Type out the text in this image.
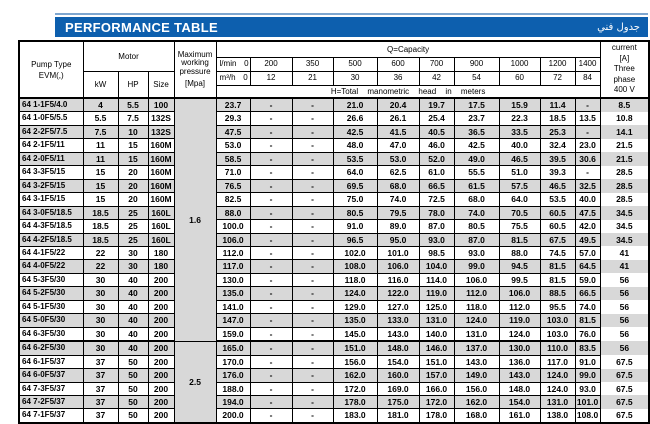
PERFORMANCE TABLE	جدول فني
Pump Type
EVM(,)
	Motor	Maximum
working
pressure
[Mpa]
	Q=Capacity	current
[A]
Three
phase
400 V

					l/min 0	200	350	500	600	700	900	1000	1200	1400	
	kW	HP	Size		m³/h 0	12	21	30	36	42	54	60	72	84	
					H=Total manometric head in meters										
64 1-1F5/4.0	4	5.5	100	1.6	23.7	-	-	21.0	20.4	19.7	17.5	15.9	11.4	-	8.5
64 1-0F5/5.5	5.5	7.5	132S		29.3	-	-	26.6	26.1	25.4	23.7	22.3	18.5	13.5	10.8
64 2-2F5/7.5	7.5	10	132S		47.5	-	-	42.5	41.5	40.5	36.5	33.5	25.3	-	14.1
64 2-1F5/11	11	15	160M		53.0	-	-	48.0	47.0	46.0	42.5	40.0	32.4	23.0	21.5
64 2-0F5/11	11	15	160M		58.5	-	-	53.5	53.0	52.0	49.0	46.5	39.5	30.6	21.5
64 3-3F5/15	15	20	160M		71.0	-	-	64.0	62.5	61.0	55.5	51.0	39.3	-	28.5
64 3-2F5/15	15	20	160M		76.5	-	-	69.5	68.0	66.5	61.5	57.5	46.5	32.5	28.5
64 3-1F5/15	15	20	160M		82.5	-	-	75.0	74.0	72.5	68.0	64.0	53.5	40.0	28.5
64 3-0F5/18.5	18.5	25	160L		88.0	-	-	80.5	79.5	78.0	74.0	70.5	60.5	47.5	34.5
64 4-3F5/18.5	18.5	25	160L		100.0	-	-	91.0	89.0	87.0	80.5	75.5	60.5	42.0	34.5
64 4-2F5/18.5	18.5	25	160L		106.0	-	-	96.5	95.0	93.0	87.0	81.5	67.5	49.5	34.5
64 4-1F5/22	22	30	180		112.0	-	-	102.0	101.0	98.5	93.0	88.0	74.5	57.0	41
64 4-0F5/22	22	30	180		117.0	-	-	108.0	106.0	104.0	99.0	94.5	81.5	64.5	41
64 5-3F5/30	30	40	200		130.0	-	-	118.0	116.0	114.0	106.0	99.5	81.5	59.0	56
64 5-2F5/30	30	40	200		135.0	-	-	124.0	122.0	119.0	112.0	106.0	88.5	66.5	56
64 5-1F5/30	30	40	200		141.0	-	-	129.0	127.0	125.0	118.0	112.0	95.5	74.0	56
64 5-0F5/30	30	40	200		147.0	-	-	135.0	133.0	131.0	124.0	119.0	103.0	81.5	56
64 6-3F5/30	30	40	200		159.0	-	-	145.0	143.0	140.0	131.0	124.0	103.0	76.0	56
64 6-2F5/30	30	40	200	2.5	165.0	-	-	151.0	148.0	146.0	137.0	130.0	110.0	83.5	56
64 6-1F5/37	37	50	200		170.0	-	-	156.0	154.0	151.0	143.0	136.0	117.0	91.0	67.5
64 6-0F5/37	37	50	200		176.0	-	-	162.0	160.0	157.0	149.0	143.0	124.0	99.0	67.5
64 7-3F5/37	37	50	200		188.0	-	-	172.0	169.0	166.0	156.0	148.0	124.0	93.0	67.5
64 7-2F5/37	37	50	200		194.0	-	-	178.0	175.0	172.0	162.0	154.0	131.0	101.0	67.5
64 7-1F5/37	37	50	200		200.0	-	-	183.0	181.0	178.0	168.0	161.0	138.0	108.0	67.5
